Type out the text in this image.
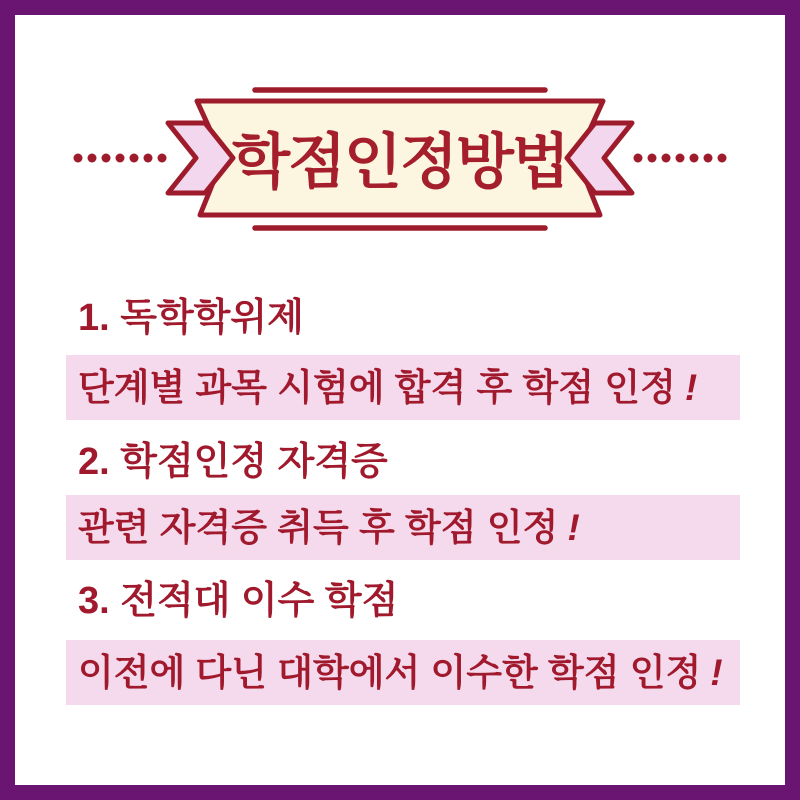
학점인정방법
1. 독학학위제
단계별 과목 시험에 합격 후 학점 인정 !
2. 학점인정 자격증
관련 자격증 취득 후 학점 인정 !
3. 전적대 이수 학점
이전에 다닌 대학에서 이수한 학점 인정 !
